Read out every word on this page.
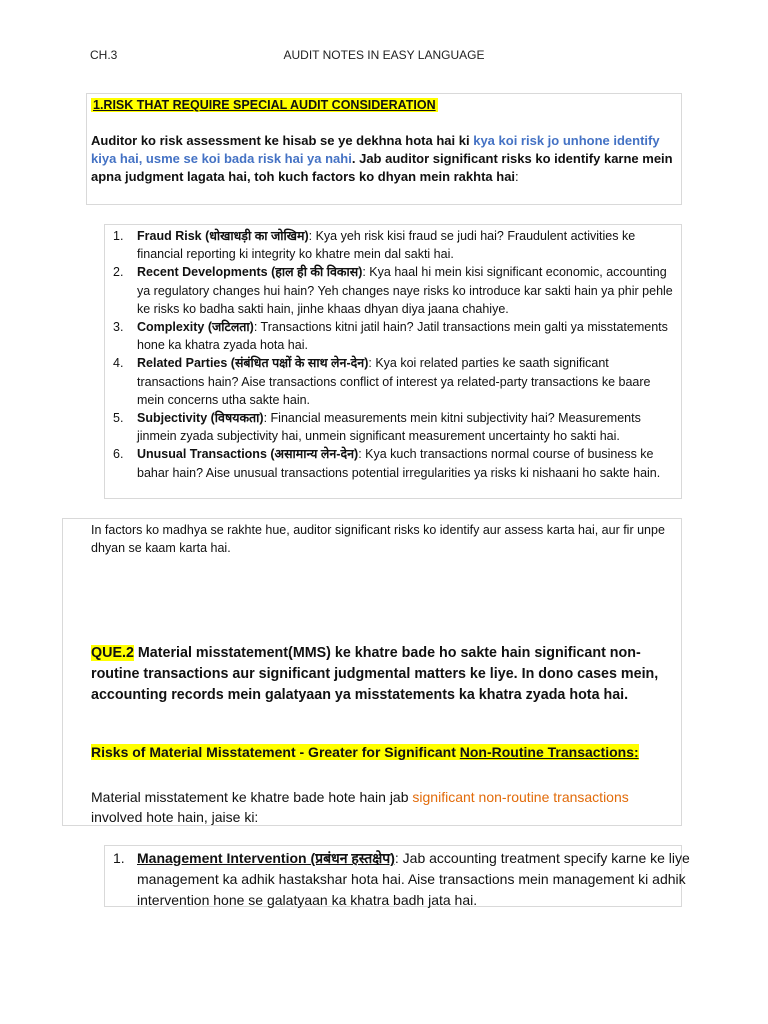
CH.3	AUDIT NOTES IN EASY LANGUAGE
1.RISK THAT REQUIRE SPECIAL AUDIT CONSIDERATION
Auditor ko risk assessment ke hisab se ye dekhna hota hai ki kya koi risk jo unhone identify kiya hai, usme se koi bada risk hai ya nahi. Jab auditor significant risks ko identify karne mein apna judgment lagata hai, toh kuch factors ko dhyan mein rakhta hai:
1. Fraud Risk (धोखाधड़ी का जोखिम): Kya yeh risk kisi fraud se judi hai? Fraudulent activities ke financial reporting ki integrity ko khatre mein dal sakti hai.
2. Recent Developments (हाल ही की विकास): Kya haal hi mein kisi significant economic, accounting ya regulatory changes hui hain? Yeh changes naye risks ko introduce kar sakti hain ya phir pehle ke risks ko badha sakti hain, jinhe khaas dhyan diya jaana chahiye.
3. Complexity (जटिलता): Transactions kitni jatil hain? Jatil transactions mein galti ya misstatements hone ka khatra zyada hota hai.
4. Related Parties (संबंधित पक्षों के साथ लेन-देन): Kya koi related parties ke saath significant transactions hain? Aise transactions conflict of interest ya related-party transactions ke baare mein concerns utha sakte hain.
5. Subjectivity (विषयकता): Financial measurements mein kitni subjectivity hai? Measurements jinmein zyada subjectivity hai, unmein significant measurement uncertainty ho sakti hai.
6. Unusual Transactions (असामान्य लेन-देन): Kya kuch transactions normal course of business ke bahar hain? Aise unusual transactions potential irregularities ya risks ki nishaani ho sakte hain.
In factors ko madhya se rakhte hue, auditor significant risks ko identify aur assess karta hai, aur fir unpe dhyan se kaam karta hai.
QUE.2 Material misstatement(MMS) ke khatre bade ho sakte hain significant non-routine transactions aur significant judgmental matters ke liye. In dono cases mein, accounting records mein galatyaan ya misstatements ka khatra zyada hota hai.
Risks of Material Misstatement - Greater for Significant Non-Routine Transactions:
Material misstatement ke khatre bade hote hain jab significant non-routine transactions involved hote hain, jaise ki:
1. Management Intervention (प्रबंधन हस्तक्षेप): Jab accounting treatment specify karne ke liye management ka adhik hastakshar hota hai. Aise transactions mein management ki adhik intervention hone se galatyaan ka khatra badh jata hai.
